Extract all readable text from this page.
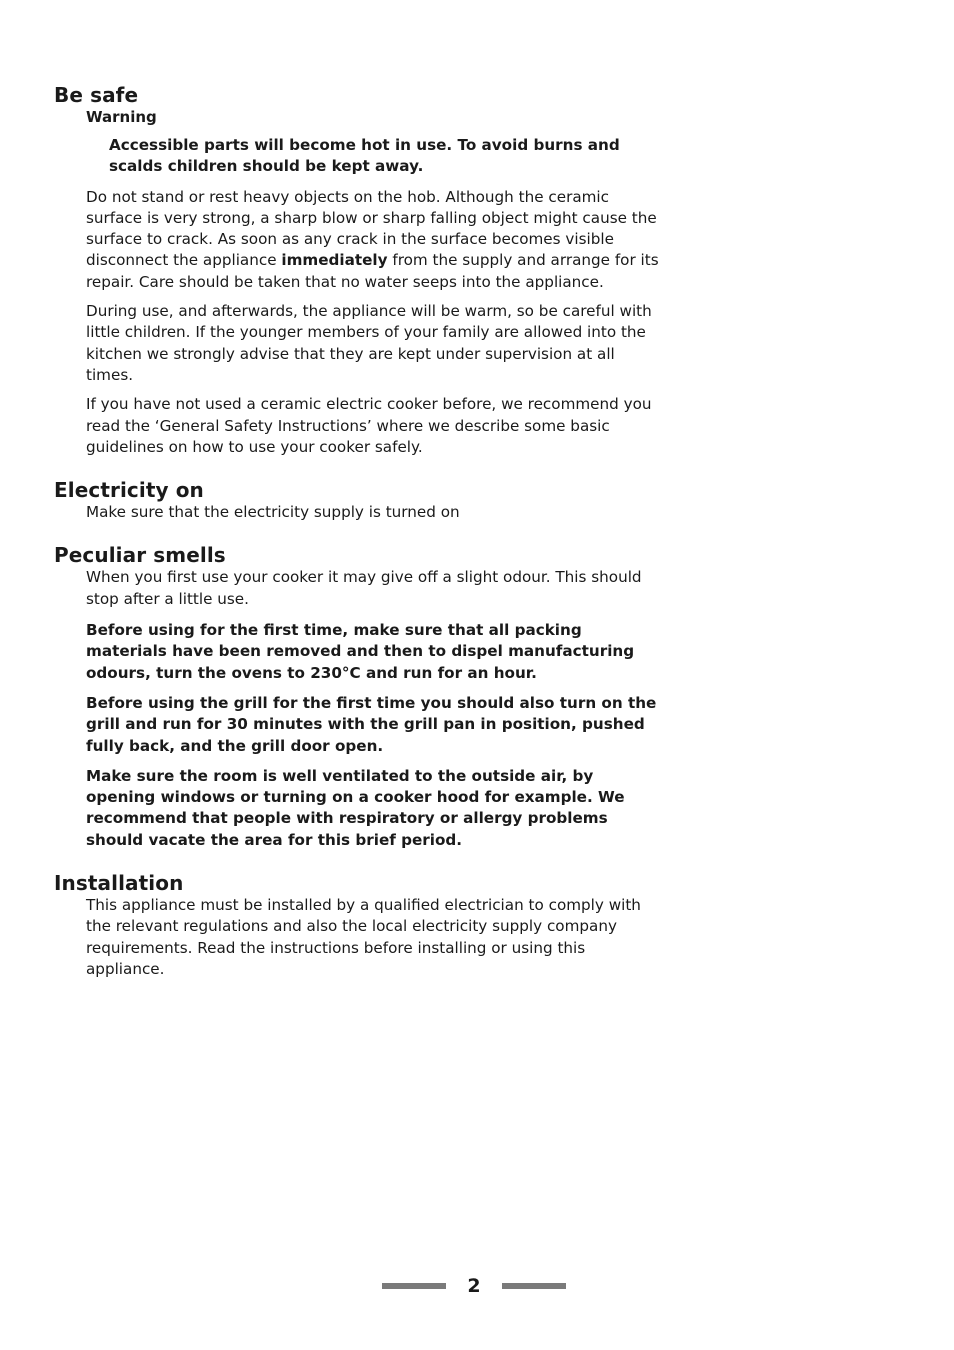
Be safe

Warning

Accessible parts will become hot in use. To avoid burns and scalds children should be kept away.

Do not stand or rest heavy objects on the hob. Although the ceramic surface is very strong, a sharp blow or sharp falling object might cause the surface to crack. As soon as any crack in the surface becomes visible disconnect the appliance immediately from the supply and arrange for its repair. Care should be taken that no water seeps into the appliance.

During use, and afterwards, the appliance will be warm, so be careful with little children. If the younger members of your family are allowed into the kitchen we strongly advise that they are kept under supervision at all times.

If you have not used a ceramic electric cooker before, we recommend you read the ‘General Safety Instructions’ where we describe some basic guidelines on how to use your cooker safely.

Electricity on

Make sure that the electricity supply is turned on

Peculiar smells

When you first use your cooker it may give off a slight odour. This should stop after a little use.

Before using for the first time, make sure that all packing materials have been removed and then to dispel manufacturing odours, turn the ovens to 230°C and run for an hour.

Before using the grill for the first time you should also turn on the grill and run for 30 minutes with the grill pan in position, pushed fully back, and the grill door open.

Make sure the room is well ventilated to the outside air, by opening windows or turning on a cooker hood for example. We recommend that people with respiratory or allergy problems should vacate the area for this brief period.

Installation

This appliance must be installed by a qualified electrician to comply with the relevant regulations and also the local electricity supply company requirements. Read the instructions before installing or using this appliance.

2
